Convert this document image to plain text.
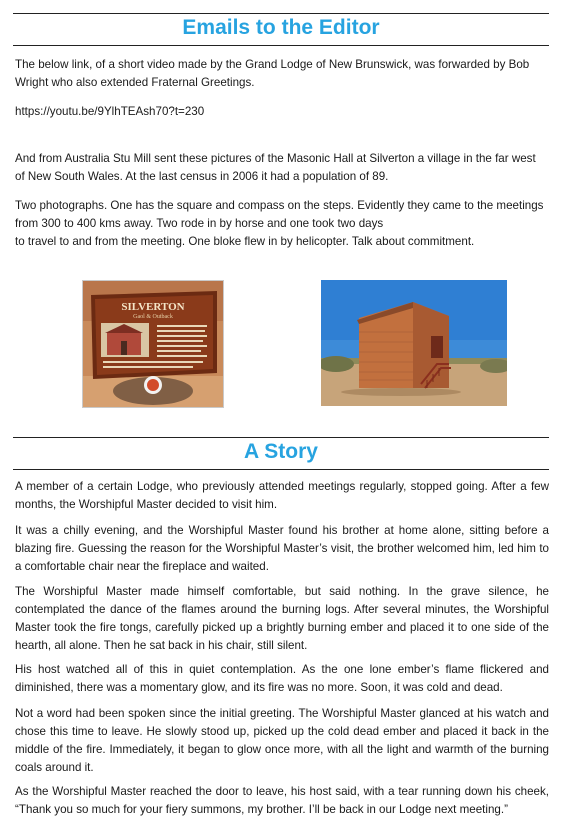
Emails to the Editor

The below link, of a short video made by the Grand Lodge of New Brunswick, was forwarded by Bob
Wright who also extended Fraternal Greetings.

https://youtu.be/9YlhTEAsh70?t=230

And from Australia Stu Mill sent these pictures of the Masonic Hall at Silverton a village in the far west
of New South Wales. At the last census in 2006 it had a population of 89.

Two photographs. One has the square and compass on the steps. Evidently they came to the meetings
from 300 to 400 kms away. Two rode in by horse and one took two days
to travel to and from the meeting. One bloke flew in by helicopter. Talk about commitment.

SILVERTON
Gaol & Outback
A Story

A member of a certain Lodge, who previously attended meetings regularly, stopped going. After a few months, the Worshipful Master decided to visit him.

It was a chilly evening, and the Worshipful Master found his brother at home alone, sitting before a blazing fire. Guessing the reason for the Worshipful Master’s visit, the brother welcomed him, led him to a comfortable chair near the fireplace and waited.

The Worshipful Master made himself comfortable, but said nothing. In the grave silence, he contemplated the dance of the flames around the burning logs. After several minutes, the Worshipful Master took the fire tongs, carefully picked up a brightly burning ember and placed it to one side of the hearth, all alone. Then he sat back in his chair, still silent.

His host watched all of this in quiet contemplation. As the one lone ember’s flame flickered and diminished, there was a momentary glow, and its fire was no more. Soon, it was cold and dead.

Not a word had been spoken since the initial greeting. The Worshipful Master glanced at his watch and chose this time to leave. He slowly stood up, picked up the cold dead ember and placed it back in the middle of the fire. Immediately, it began to glow once more, with all the light and warmth of the burning coals around it.

As the Worshipful Master reached the door to leave, his host said, with a tear running down his cheek, “Thank you so much for your fiery summons, my brother. I’ll be back in our Lodge next meeting.”
